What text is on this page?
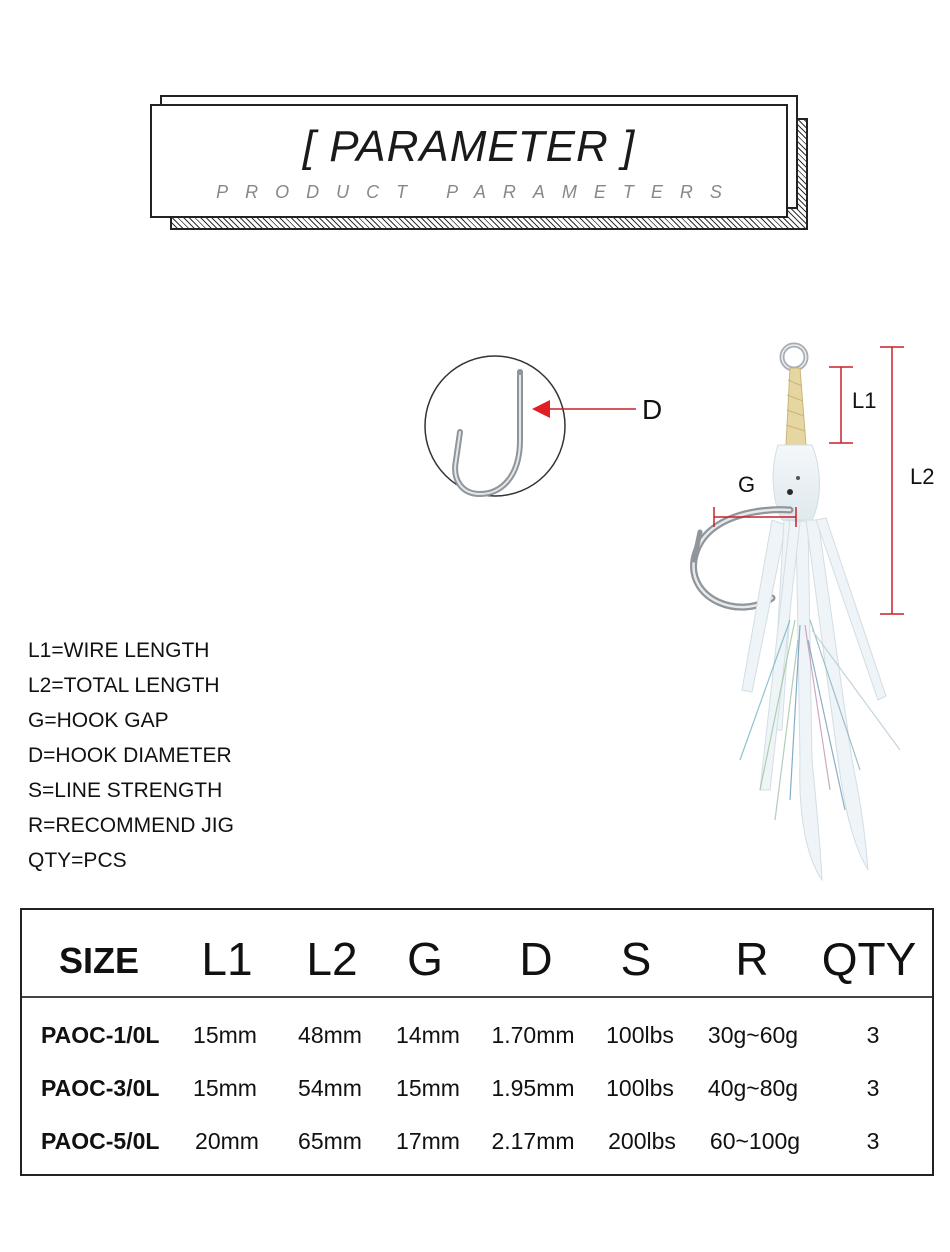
[ PARAMETER ]
PRODUCT PARAMETERS
D
G
L1
L2
L1=WIRE LENGTH
L2=TOTAL LENGTH
G=HOOK GAP
D=HOOK DIAMETER
S=LINE STRENGTH
R=RECOMMEND JIG
QTY=PCS
SIZE L1 L2 G D S R QTY
PAOC-1/0L 15mm 48mm 14mm 1.70mm 100lbs 30g~60g	3
PAOC-3/0L 15mm 54mm 15mm 1.95mm 100lbs 40g~80g	3
PAOC-5/0L 20mm 65mm 17mm 2.17mm 200lbs 60~100g	3
